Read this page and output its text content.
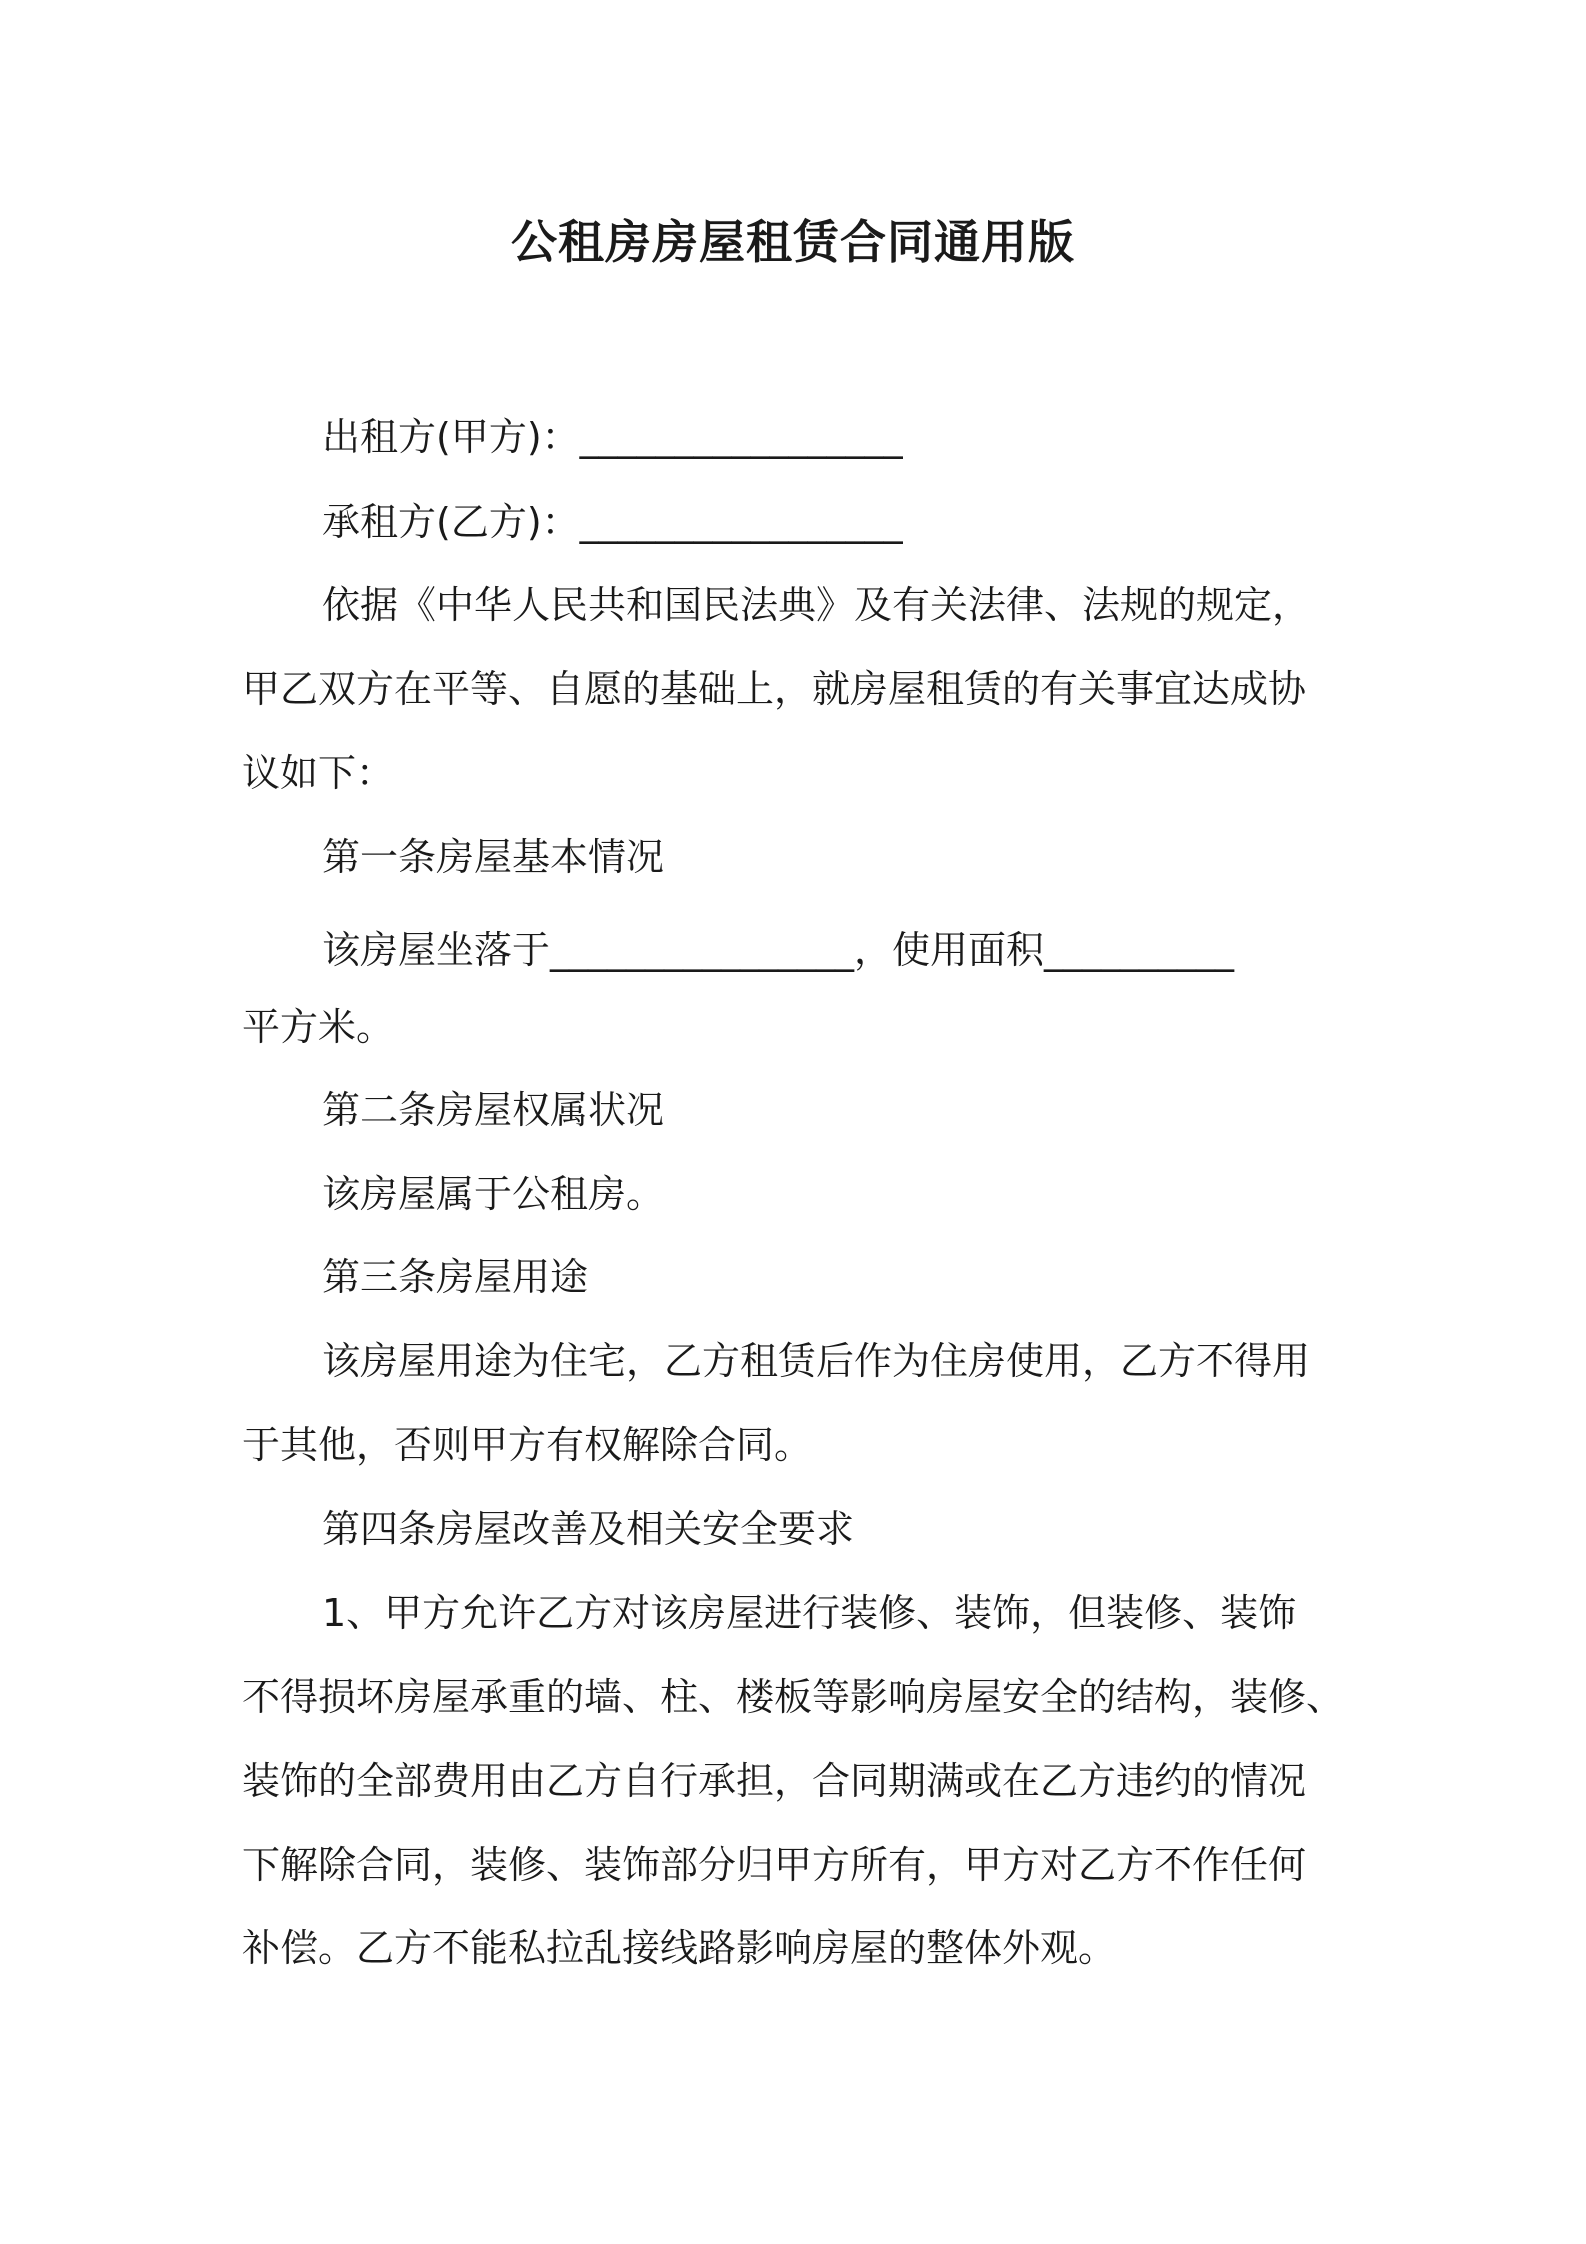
公租房房屋租赁合同通用版
出租方(甲方)：_________________
承租方(乙方)：_________________
依据《中华人民共和国民法典》及有关法律、法规的规定，
甲乙双方在平等、自愿的基础上，就房屋租赁的有关事宜达成协
议如下：
第一条房屋基本情况
该房屋坐落于________________，使用面积__________
平方米。
第二条房屋权属状况
该房屋属于公租房。
第三条房屋用途
该房屋用途为住宅，乙方租赁后作为住房使用，乙方不得用
于其他，否则甲方有权解除合同。
第四条房屋改善及相关安全要求
1、甲方允许乙方对该房屋进行装修、装饰，但装修、装饰
不得损坏房屋承重的墙、柱、楼板等影响房屋安全的结构，装修、
装饰的全部费用由乙方自行承担，合同期满或在乙方违约的情况
下解除合同，装修、装饰部分归甲方所有，甲方对乙方不作任何
补偿。乙方不能私拉乱接线路影响房屋的整体外观。
